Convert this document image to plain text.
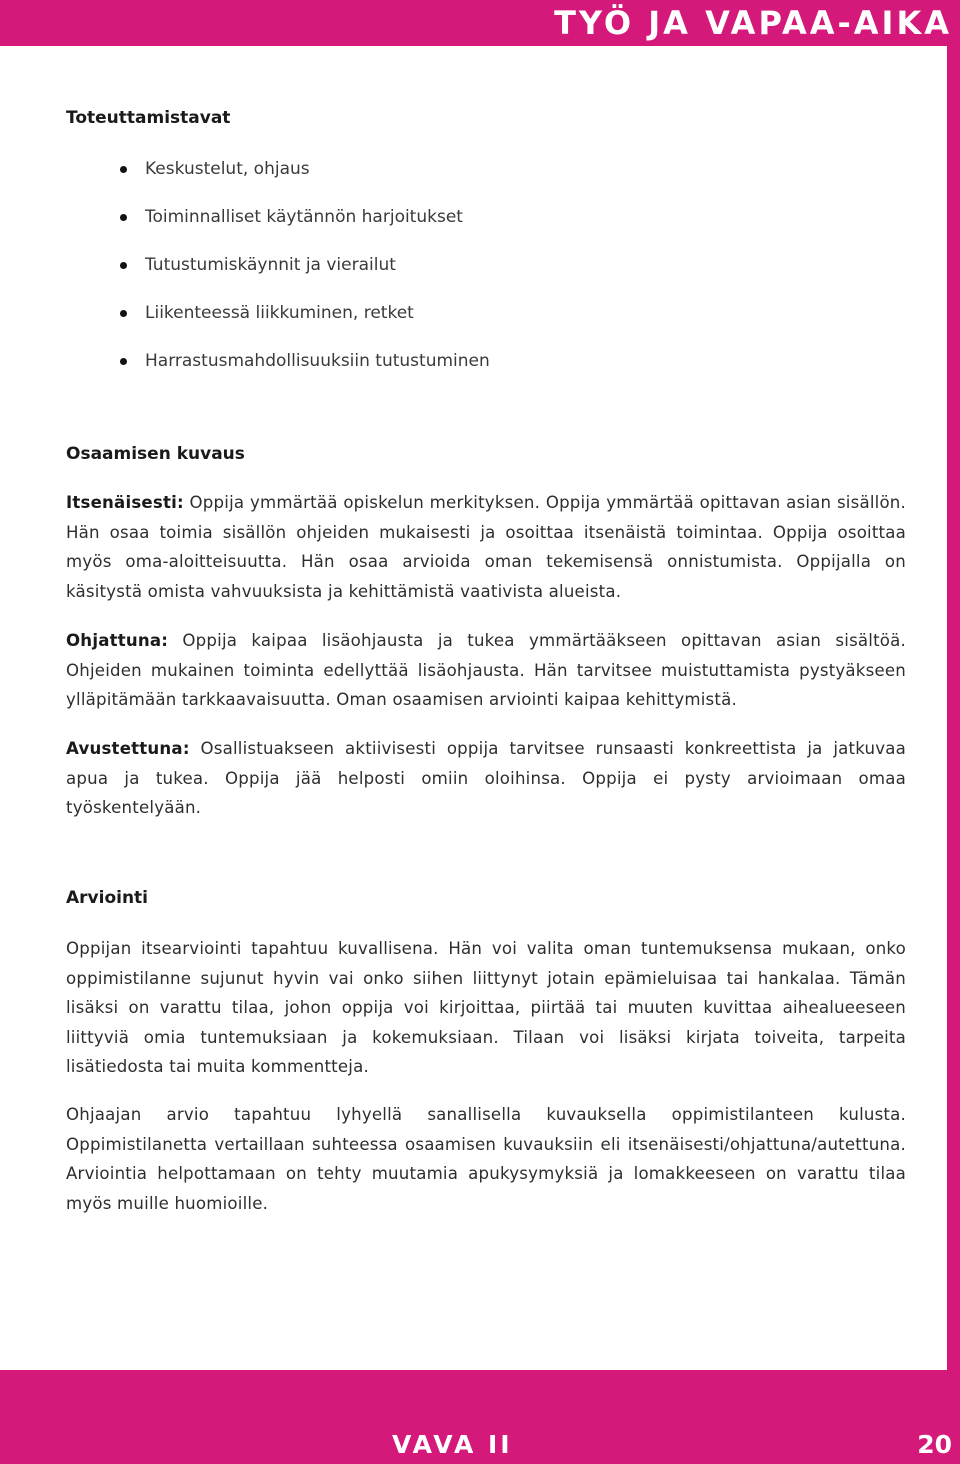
TYÖ JA VAPAA-AIKA
Toteuttamistavat
Keskustelut, ohjaus
Toiminnalliset käytännön harjoitukset
Tutustumiskäynnit ja vierailut
Liikenteessä liikkuminen, retket
Harrastusmahdollisuuksiin tutustuminen
Osaamisen kuvaus

Itsenäisesti: Oppija ymmärtää opiskelun merkityksen. Oppija ymmärtää opittavan asian sisällön. Hän osaa toimia sisällön ohjeiden mukaisesti ja osoittaa itsenäistä toimintaa. Oppija osoittaa myös oma-aloitteisuutta. Hän osaa arvioida oman tekemisensä onnistumista. Oppijalla on käsitystä omista vahvuuksista ja kehittämistä vaativista alueista.

Ohjattuna: Oppija kaipaa lisäohjausta ja tukea ymmärtääkseen opittavan asian sisältöä. Ohjeiden mukainen toiminta edellyttää lisäohjausta. Hän tarvitsee muistuttamista pystyäkseen ylläpitämään tarkkaavaisuutta. Oman osaamisen arviointi kaipaa kehittymistä.

Avustettuna: Osallistuakseen aktiivisesti oppija tarvitsee runsaasti konkreettista ja jatkuvaa apua ja tukea. Oppija jää helposti omiin oloihinsa. Oppija ei pysty arvioimaan omaa työskentelyään.

Arviointi

Oppijan itsearviointi tapahtuu kuvallisena. Hän voi valita oman tuntemuksensa mukaan, onko oppimistilanne sujunut hyvin vai onko siihen liittynyt jotain epämieluisaa tai hankalaa. Tämän lisäksi on varattu tilaa, johon oppija voi kirjoittaa, piirtää tai muuten kuvittaa aihealueeseen liittyviä omia tuntemuksiaan ja kokemuksiaan. Tilaan voi lisäksi kirjata toiveita, tarpeita lisätiedosta tai muita kommentteja.

Ohjaajan arvio tapahtuu lyhyellä sanallisella kuvauksella oppimistilanteen kulusta. Oppimistilanetta vertaillaan suhteessa osaamisen kuvauksiin eli itsenäisesti/ohjattuna/autettuna. Arviointia helpottamaan on tehty muutamia apukysymyksiä ja lomakkeeseen on varattu tilaa myös muille huomioille.

VAVA II	20
